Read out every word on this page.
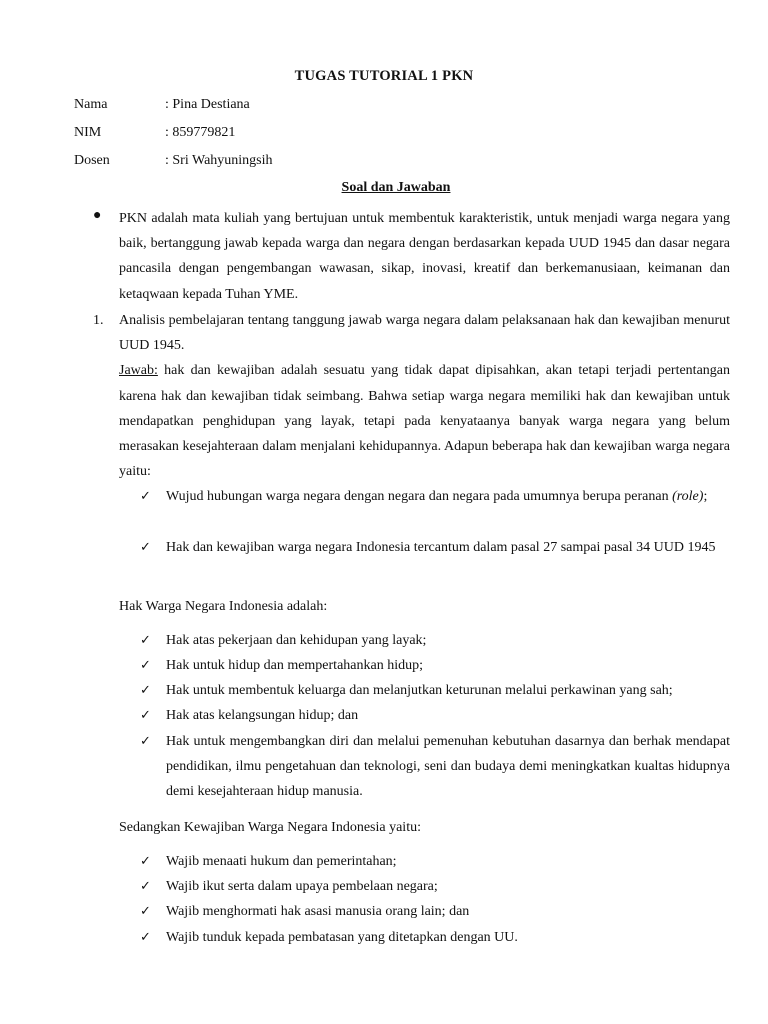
TUGAS TUTORIAL 1 PKN
Nama	: Pina Destiana
NIM	: 859779821
Dosen	: Sri Wahyuningsih
Soal dan Jawaban
● PKN adalah mata kuliah yang bertujuan untuk membentuk karakteristik, untuk menjadi warga negara yang baik, bertanggung jawab kepada warga dan negara dengan berdasarkan kepada UUD 1945 dan dasar negara pancasila dengan pengembangan wawasan, sikap, inovasi, kreatif dan berkemanusiaan, keimanan dan ketaqwaan kepada Tuhan YME.
1. Analisis pembelajaran tentang tanggung jawab warga negara dalam pelaksanaan hak dan kewajiban menurut UUD 1945.
Jawab: hak dan kewajiban adalah sesuatu yang tidak dapat dipisahkan, akan tetapi terjadi pertentangan karena hak dan kewajiban tidak seimbang. Bahwa setiap warga negara memiliki hak dan kewajiban untuk mendapatkan penghidupan yang layak, tetapi pada kenyataanya banyak warga negara yang belum merasakan kesejahteraan dalam menjalani kehidupannya. Adapun beberapa hak dan kewajiban warga negara yaitu:
✓ Wujud hubungan warga negara dengan negara dan negara pada umumnya berupa peranan (role);
✓ Hak dan kewajiban warga negara Indonesia tercantum dalam pasal 27 sampai pasal 34 UUD 1945
Hak Warga Negara Indonesia adalah:
✓ Hak atas pekerjaan dan kehidupan yang layak;
✓ Hak untuk hidup dan mempertahankan hidup;
✓ Hak untuk membentuk keluarga dan melanjutkan keturunan melalui perkawinan yang sah;
✓ Hak atas kelangsungan hidup; dan
✓ Hak untuk mengembangkan diri dan melalui pemenuhan kebutuhan dasarnya dan berhak mendapat pendidikan, ilmu pengetahuan dan teknologi, seni dan budaya demi meningkatkan kualtas hidupnya demi kesejahteraan hidup manusia.
Sedangkan Kewajiban Warga Negara Indonesia yaitu:
✓ Wajib menaati hukum dan pemerintahan;
✓ Wajib ikut serta dalam upaya pembelaan negara;
✓ Wajib menghormati hak asasi manusia orang lain; dan
✓ Wajib tunduk kepada pembatasan yang ditetapkan dengan UU.
